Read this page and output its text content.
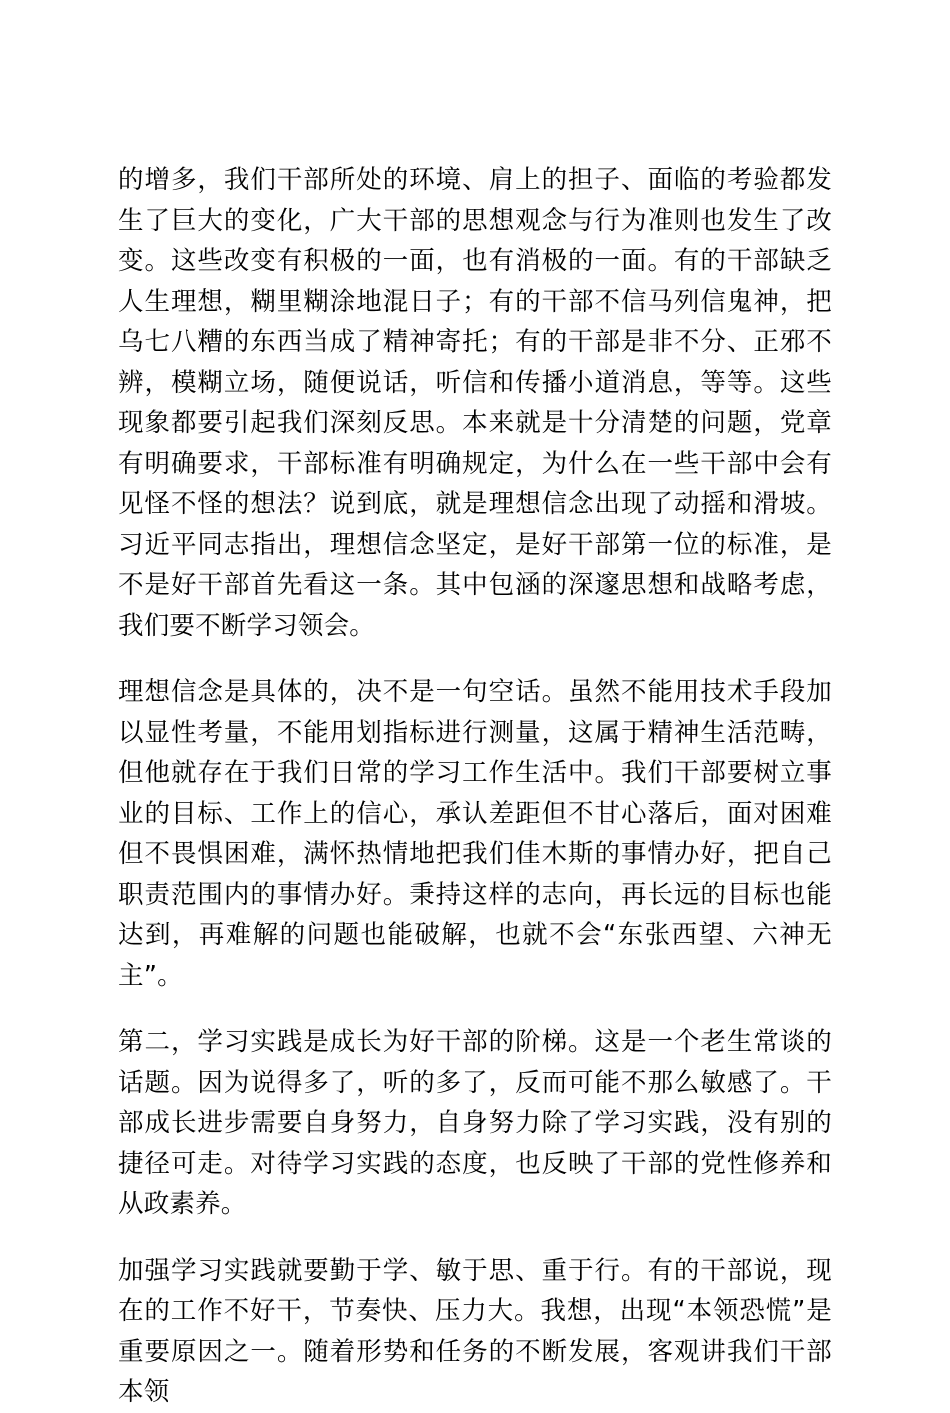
的增多，我们干部所处的环境、肩上的担子、面临的考验都发生了巨大的变化，广大干部的思想观念与行为准则也发生了改变。这些改变有积极的一面，也有消极的一面。有的干部缺乏人生理想，糊里糊涂地混日子；有的干部不信马列信鬼神，把乌七八糟的东西当成了精神寄托；有的干部是非不分、正邪不辨，模糊立场，随便说话，听信和传播小道消息，等等。这些现象都要引起我们深刻反思。本来就是十分清楚的问题，党章有明确要求，干部标准有明确规定，为什么在一些干部中会有见怪不怪的想法？说到底，就是理想信念出现了动摇和滑坡。习近平同志指出，理想信念坚定，是好干部第一位的标准，是不是好干部首先看这一条。其中包涵的深邃思想和战略考虑，我们要不断学习领会。

理想信念是具体的，决不是一句空话。虽然不能用技术手段加以显性考量，不能用划指标进行测量，这属于精神生活范畴，但他就存在于我们日常的学习工作生活中。我们干部要树立事业的目标、工作上的信心，承认差距但不甘心落后，面对困难但不畏惧困难，满怀热情地把我们佳木斯的事情办好，把自己职责范围内的事情办好。秉持这样的志向，再长远的目标也能达到，再难解的问题也能破解，也就不会“东张西望、六神无主”。

第二，学习实践是成长为好干部的阶梯。这是一个老生常谈的话题。因为说得多了，听的多了，反而可能不那么敏感了。干部成长进步需要自身努力，自身努力除了学习实践，没有别的捷径可走。对待学习实践的态度，也反映了干部的党性修养和从政素养。

加强学习实践就要勤于学、敏于思、重于行。有的干部说，现在的工作不好干，节奏快、压力大。我想，出现“本领恐慌”是重要原因之一。随着形势和任务的不断发展，客观讲我们干部本领
